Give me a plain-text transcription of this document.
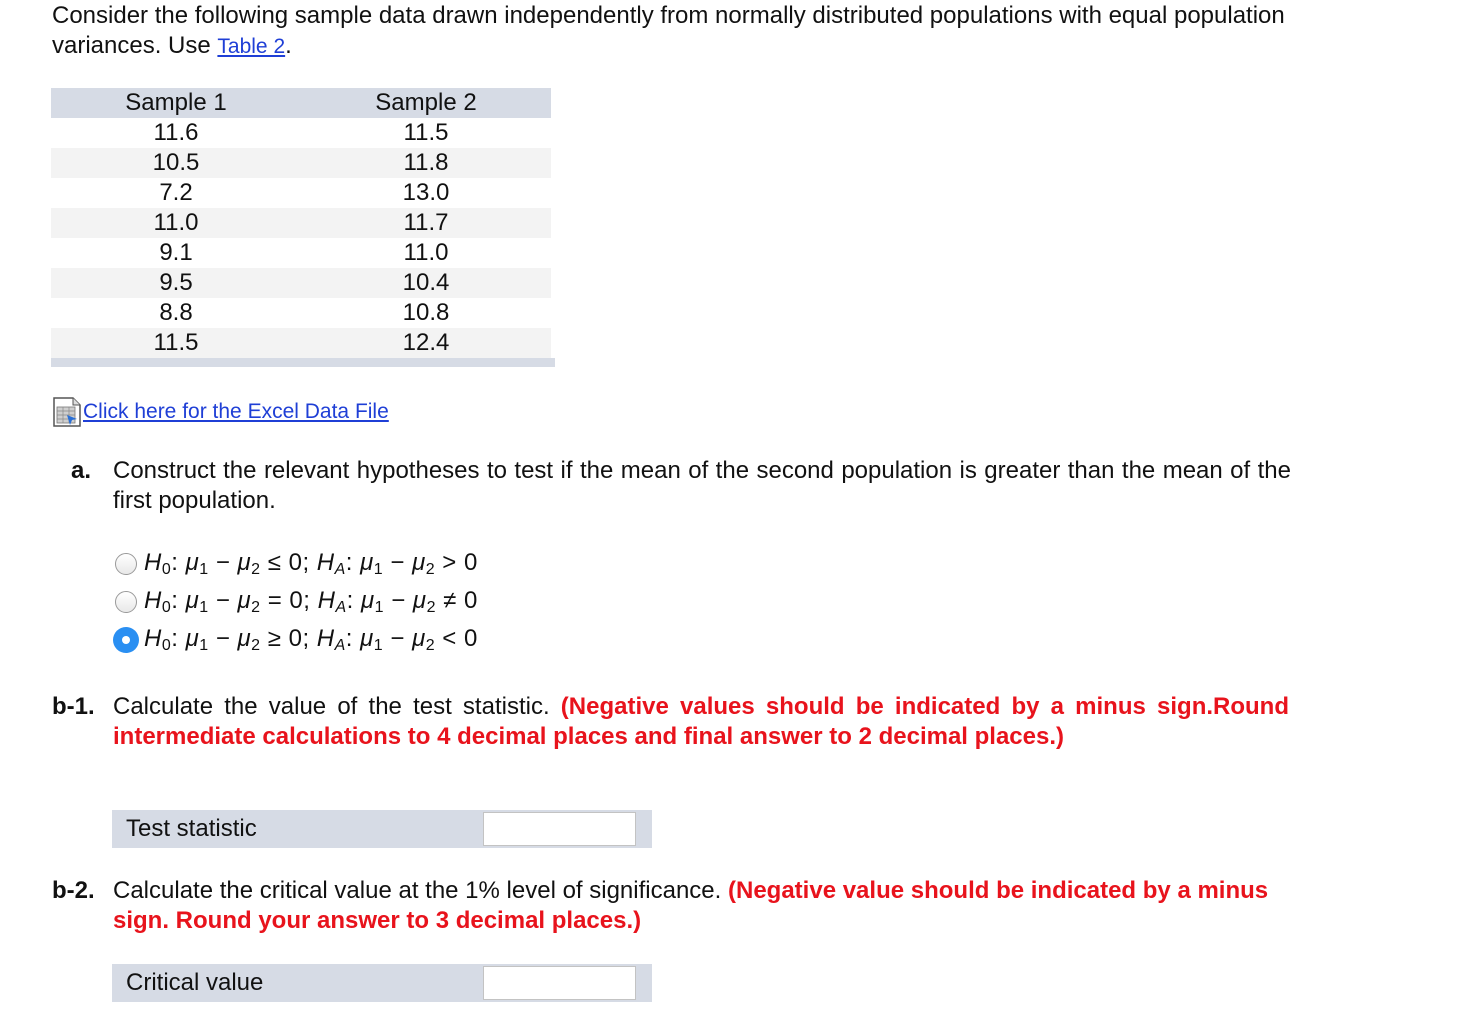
Consider the following sample data drawn independently from normally distributed populations with equal population variances. Use Table 2.
Sample 1	Sample 2
11.6	11.5
10.5	11.8
7.2	13.0
11.0	11.7
9.1	11.0
9.5	10.4
8.8	10.8
11.5	12.4
Click here for the Excel Data File
a. Construct the relevant hypotheses to test if the mean of the second population is greater than the mean of the first population.
$H_0$: $\mu_1 - \mu_2 \le 0$; $H_A$: $\mu_1 - \mu_2 > 0$
$H_0$: $\mu_1 - \mu_2 = 0$; $H_A$: $\mu_1 - \mu_2 \ne 0$
$H_0$: $\mu_1 - \mu_2 \ge 0$; $H_A$: $\mu_1 - \mu_2 < 0$
b-1. Calculate the value of the test statistic. (Negative values should be indicated by a minus sign.Round intermediate calculations to 4 decimal places and final answer to 2 decimal places.)
Test statistic
b-2. Calculate the critical value at the 1% level of significance. (Negative value should be indicated by a minus sign. Round your answer to 3 decimal places.)
Critical value
